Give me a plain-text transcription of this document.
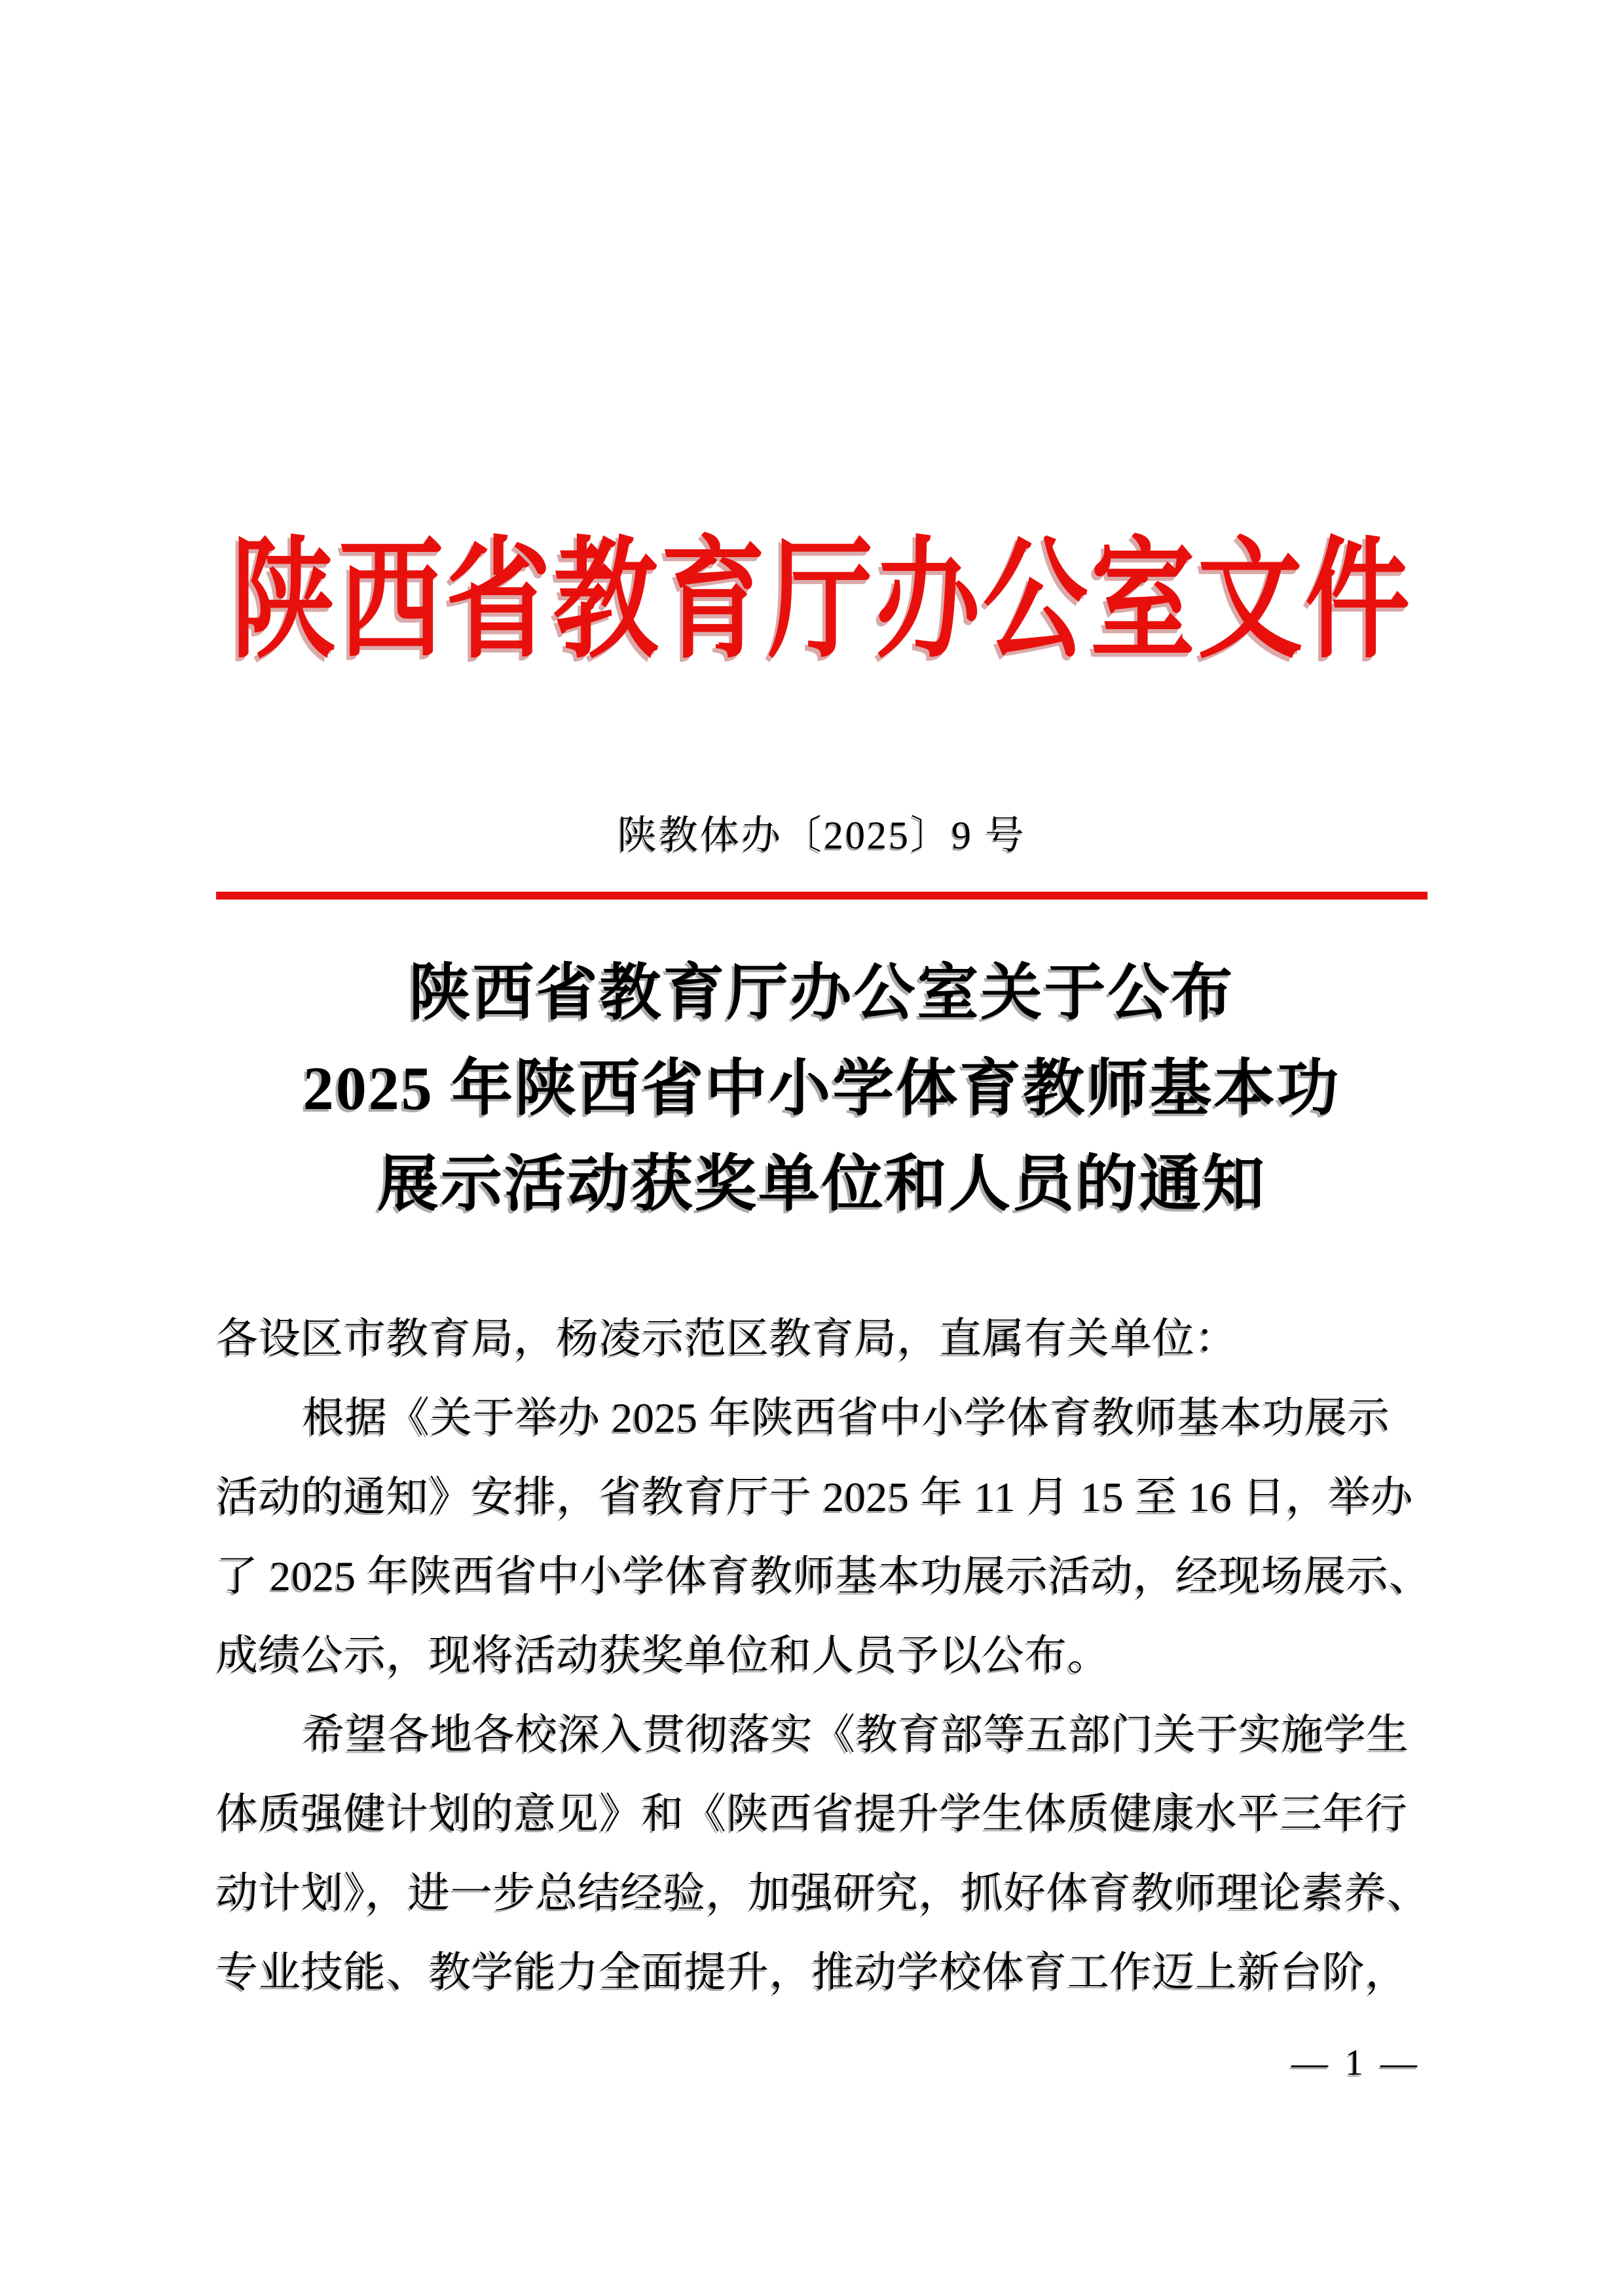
陕西省教育厅办公室文件
陕教体办〔2025〕9 号
陕西省教育厅办公室关于公布
2025 年陕西省中小学体育教师基本功
展示活动获奖单位和人员的通知
各设区市教育局，杨凌示范区教育局，直属有关单位：
根据《关于举办 2025 年陕西省中小学体育教师基本功展示
活动的通知》安排，省教育厅于 2025 年 11 月 15 至 16 日，举办
了 2025 年陕西省中小学体育教师基本功展示活动，经现场展示、
成绩公示，现将活动获奖单位和人员予以公布。
希望各地各校深入贯彻落实《教育部等五部门关于实施学生
体质强健计划的意见》和《陕西省提升学生体质健康水平三年行
动计划》，进一步总结经验，加强研究，抓好体育教师理论素养、
专业技能、教学能力全面提升，推动学校体育工作迈上新台阶，
— 1 —
